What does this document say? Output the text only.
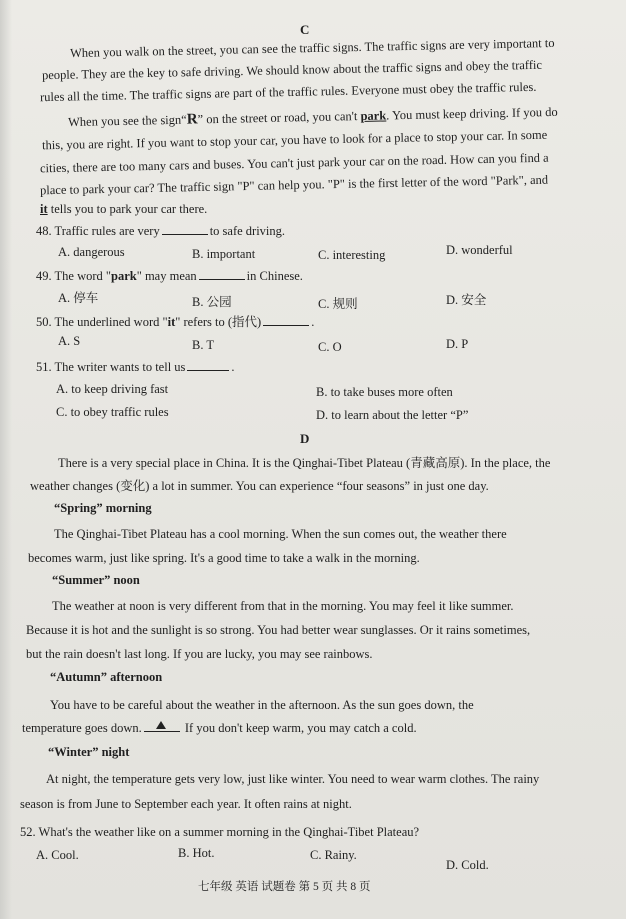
C
When you walk on the street, you can see the traffic signs. The traffic signs are very important to
people. They are the key to safe driving. We should know about the traffic signs and obey the traffic
rules all the time. The traffic signs are part of the traffic rules. Everyone must obey the traffic rules.
When you see the sign“R” on the street or road, you can't park. You must keep driving. If you do
this, you are right. If you want to stop your car, you have to look for a place to stop your car. In some
cities, there are too many cars and buses. You can't just park your car on the road. How can you find a
place to park your car? The traffic sign "P" can help you. "P" is the first letter of the word "Park", and
it tells you to park your car there.
48. Traffic rules are very	to safe driving.
A. dangerous	B. important	C. interesting	D. wonderful
49. The word "park" may mean	in Chinese.
A. 停车	B. 公园	C. 规则	D. 安全
50. The underlined word "it" refers to (指代)	.
A. S	B. T	C. O	D. P
51. The writer wants to tell us	.
A. to keep driving fast	B. to take buses more often
C. to obey traffic rules	D. to learn about the letter “P”
D
There is a very special place in China. It is the Qinghai-Tibet Plateau (青藏高原). In the place, the
weather changes (变化) a lot in summer. You can experience “four seasons” in just one day.
“Spring” morning
The Qinghai-Tibet Plateau has a cool morning. When the sun comes out, the weather there
becomes warm, just like spring. It's a good time to take a walk in the morning.
“Summer” noon
The weather at noon is very different from that in the morning. You may feel it like summer.
Because it is hot and the sunlight is so strong. You had better wear sunglasses. Or it rains sometimes,
but the rain doesn't last long. If you are lucky, you may see rainbows.
“Autumn” afternoon
You have to be careful about the weather in the afternoon. As the sun goes down, the
temperature goes down.	If you don't keep warm, you may catch a cold.
“Winter” night
At night, the temperature gets very low, just like winter. You need to wear warm clothes. The rainy
season is from June to September each year. It often rains at night.
52. What's the weather like on a summer morning in the Qinghai-Tibet Plateau?
A. Cool.	B. Hot.	C. Rainy.
D. Cold.
七年级 英语 试题卷 第 5 页 共 8 页
